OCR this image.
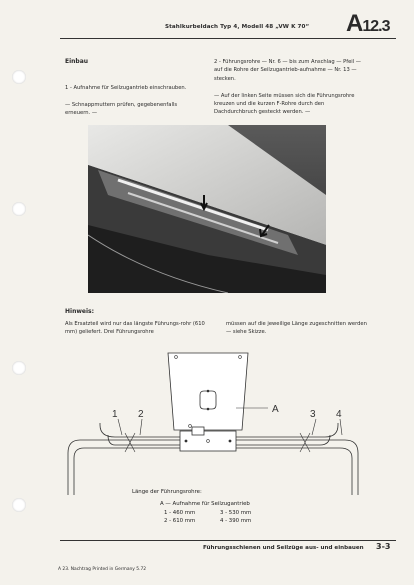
Stahlkurbeldach Typ 4, Modell 48 „VW K 70“ A12.3
Einbau
1 - Aufnahme für Seilzugantrieb einschrauben.

— Schnappmuttern prüfen, gegebenenfalls erneuern. —
2 - Führungsrohre — Nr. 6 — bis zum Anschlag — Pfeil — auf die Rohre der Seilzugantrieb-aufnahme — Nr. 13 — stecken.

— Auf der linken Seite müssen sich die Führungsrohre kreuzen und die kurzen F-Rohre durch den Dachdurchbruch gesteckt werden. —
Hinweis:
Als Ersatzteil wird nur das längste Führungs-rohr (610 mm) geliefert. Drei Führungsrohre
müssen auf die jeweilige Länge zugeschnitten werden — siehe Skizze.
1 2	A	3 4
Länge der Führungsrohre:
A — Aufnahme für Seilzugantrieb
1 - 460 mm
2 - 610 mm
3 - 530 mm
4 - 390 mm
Führungsschienen und Seilzüge aus- und einbauen 3-3
A 23. Nachtrag Printed in Germany 5.72
